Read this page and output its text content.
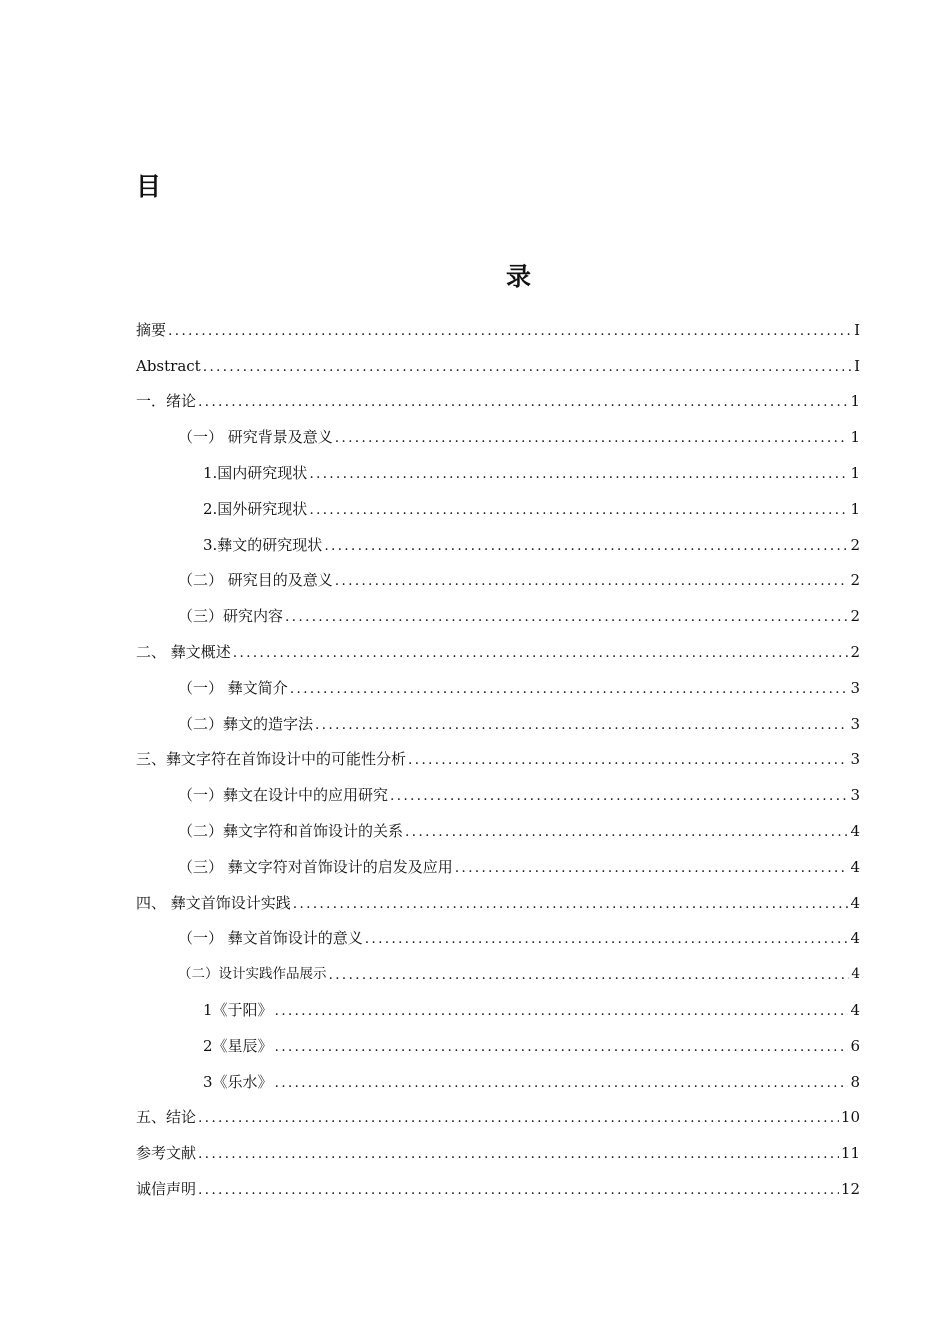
目
录
摘要 .....	I
Abstract .....	I
一．绪论 .....	1
（一） 研究背景及意义 .....	1
1.国内研究现状 .....	1
2.国外研究现状 .....	1
3.彝文的研究现状 .....	2
（二） 研究目的及意义 .....	2
（三）研究内容 .....	2
二、 彝文概述 .....	2
（一） 彝文简介 .....	3
（二）彝文的造字法 .....	3
三、彝文字符在首饰设计中的可能性分析 .....	3
（一）彝文在设计中的应用研究 .....	3
（二）彝文字符和首饰设计的关系 .....	4
（三） 彝文字符对首饰设计的启发及应用 .....	4
四、 彝文首饰设计实践 .....	4
（一） 彝文首饰设计的意义 .....	4
（二）设计实践作品展示 .....	4
1《于阳》 .....	4
2《星辰》 .....	6
3《乐水》 .....	8
五、结论 .....	10
参考文献 .....	11
诚信声明 .....	12
